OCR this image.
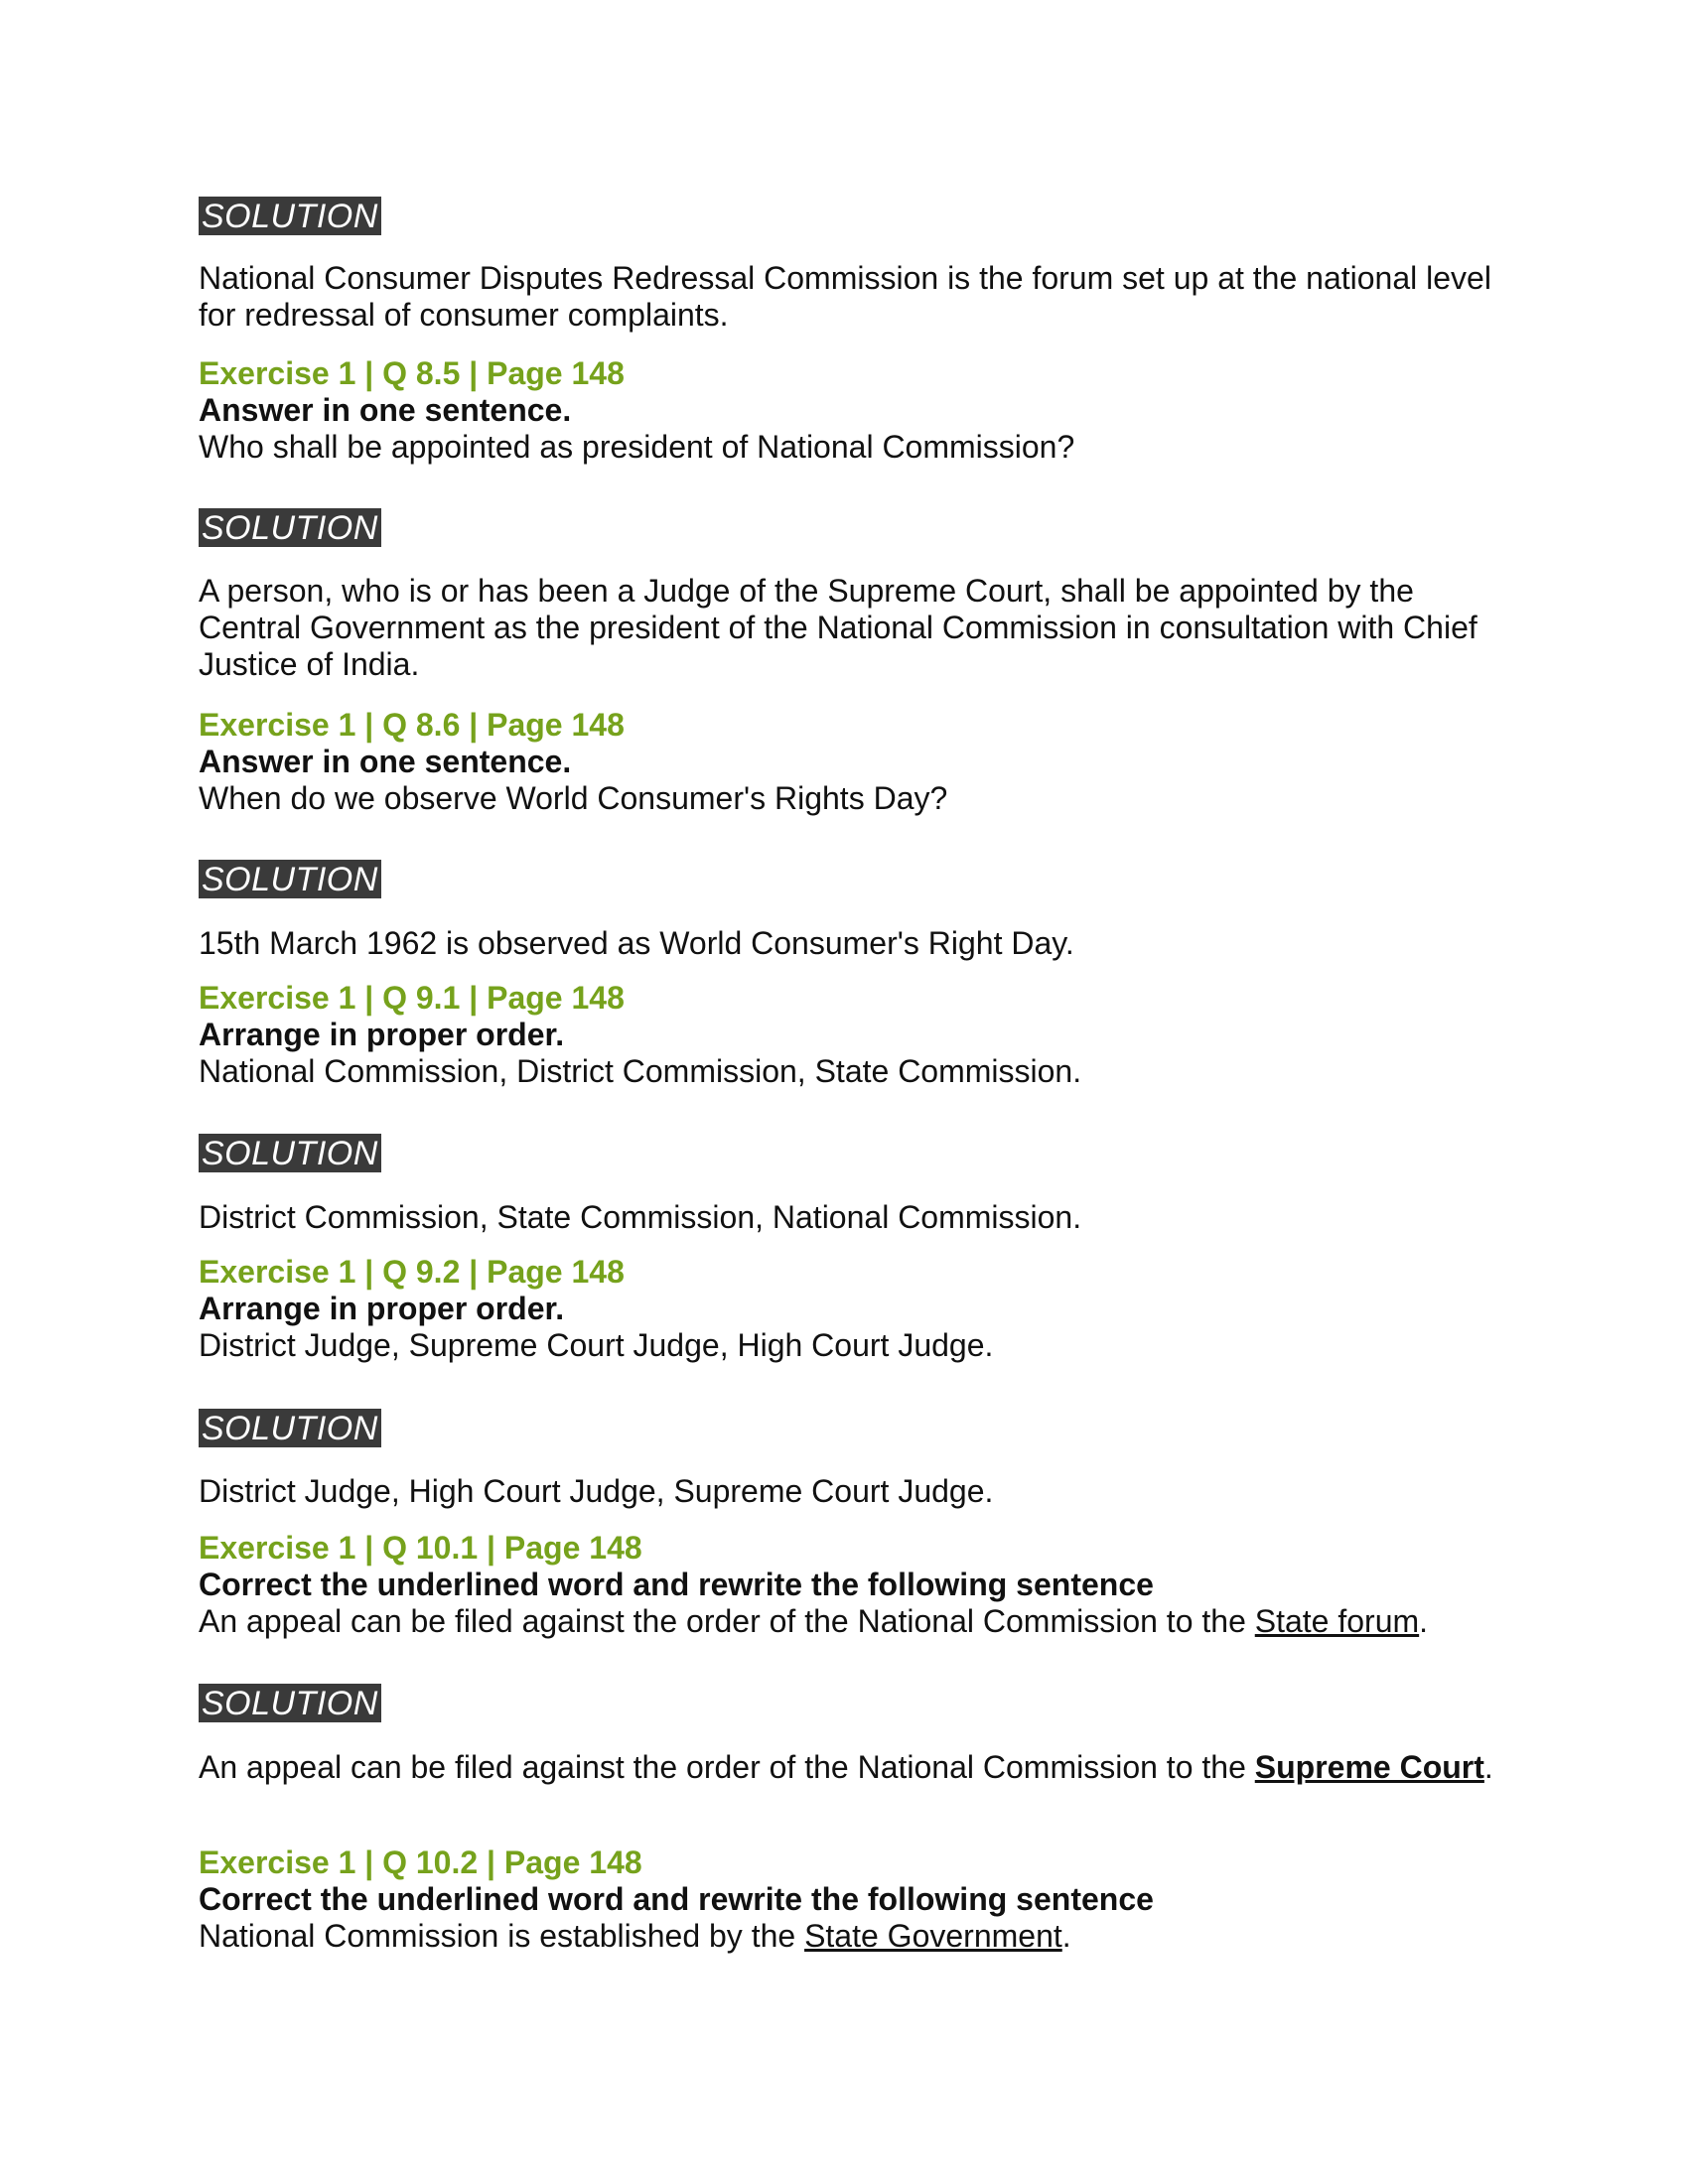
SOLUTION

National Consumer Disputes Redressal Commission is the forum set up at the national level for redressal of consumer complaints.

Exercise 1 | Q 8.5 | Page 148

Answer in one sentence.

Who shall be appointed as president of National Commission?

SOLUTION

A person, who is or has been a Judge of the Supreme Court, shall be appointed by the Central Government as the president of the National Commission in consultation with Chief Justice of India.

Exercise 1 | Q 8.6 | Page 148

Answer in one sentence.

When do we observe World Consumer's Rights Day?

SOLUTION

15th March 1962 is observed as World Consumer's Right Day.

Exercise 1 | Q 9.1 | Page 148

Arrange in proper order.

National Commission, District Commission, State Commission.

SOLUTION

District Commission, State Commission, National Commission.

Exercise 1 | Q 9.2 | Page 148

Arrange in proper order.

District Judge, Supreme Court Judge, High Court Judge.

SOLUTION

District Judge, High Court Judge, Supreme Court Judge.

Exercise 1 | Q 10.1 | Page 148

Correct the underlined word and rewrite the following sentence

An appeal can be filed against the order of the National Commission to the State forum.

SOLUTION

An appeal can be filed against the order of the National Commission to the Supreme Court.

Exercise 1 | Q 10.2 | Page 148

Correct the underlined word and rewrite the following sentence

National Commission is established by the State Government.
